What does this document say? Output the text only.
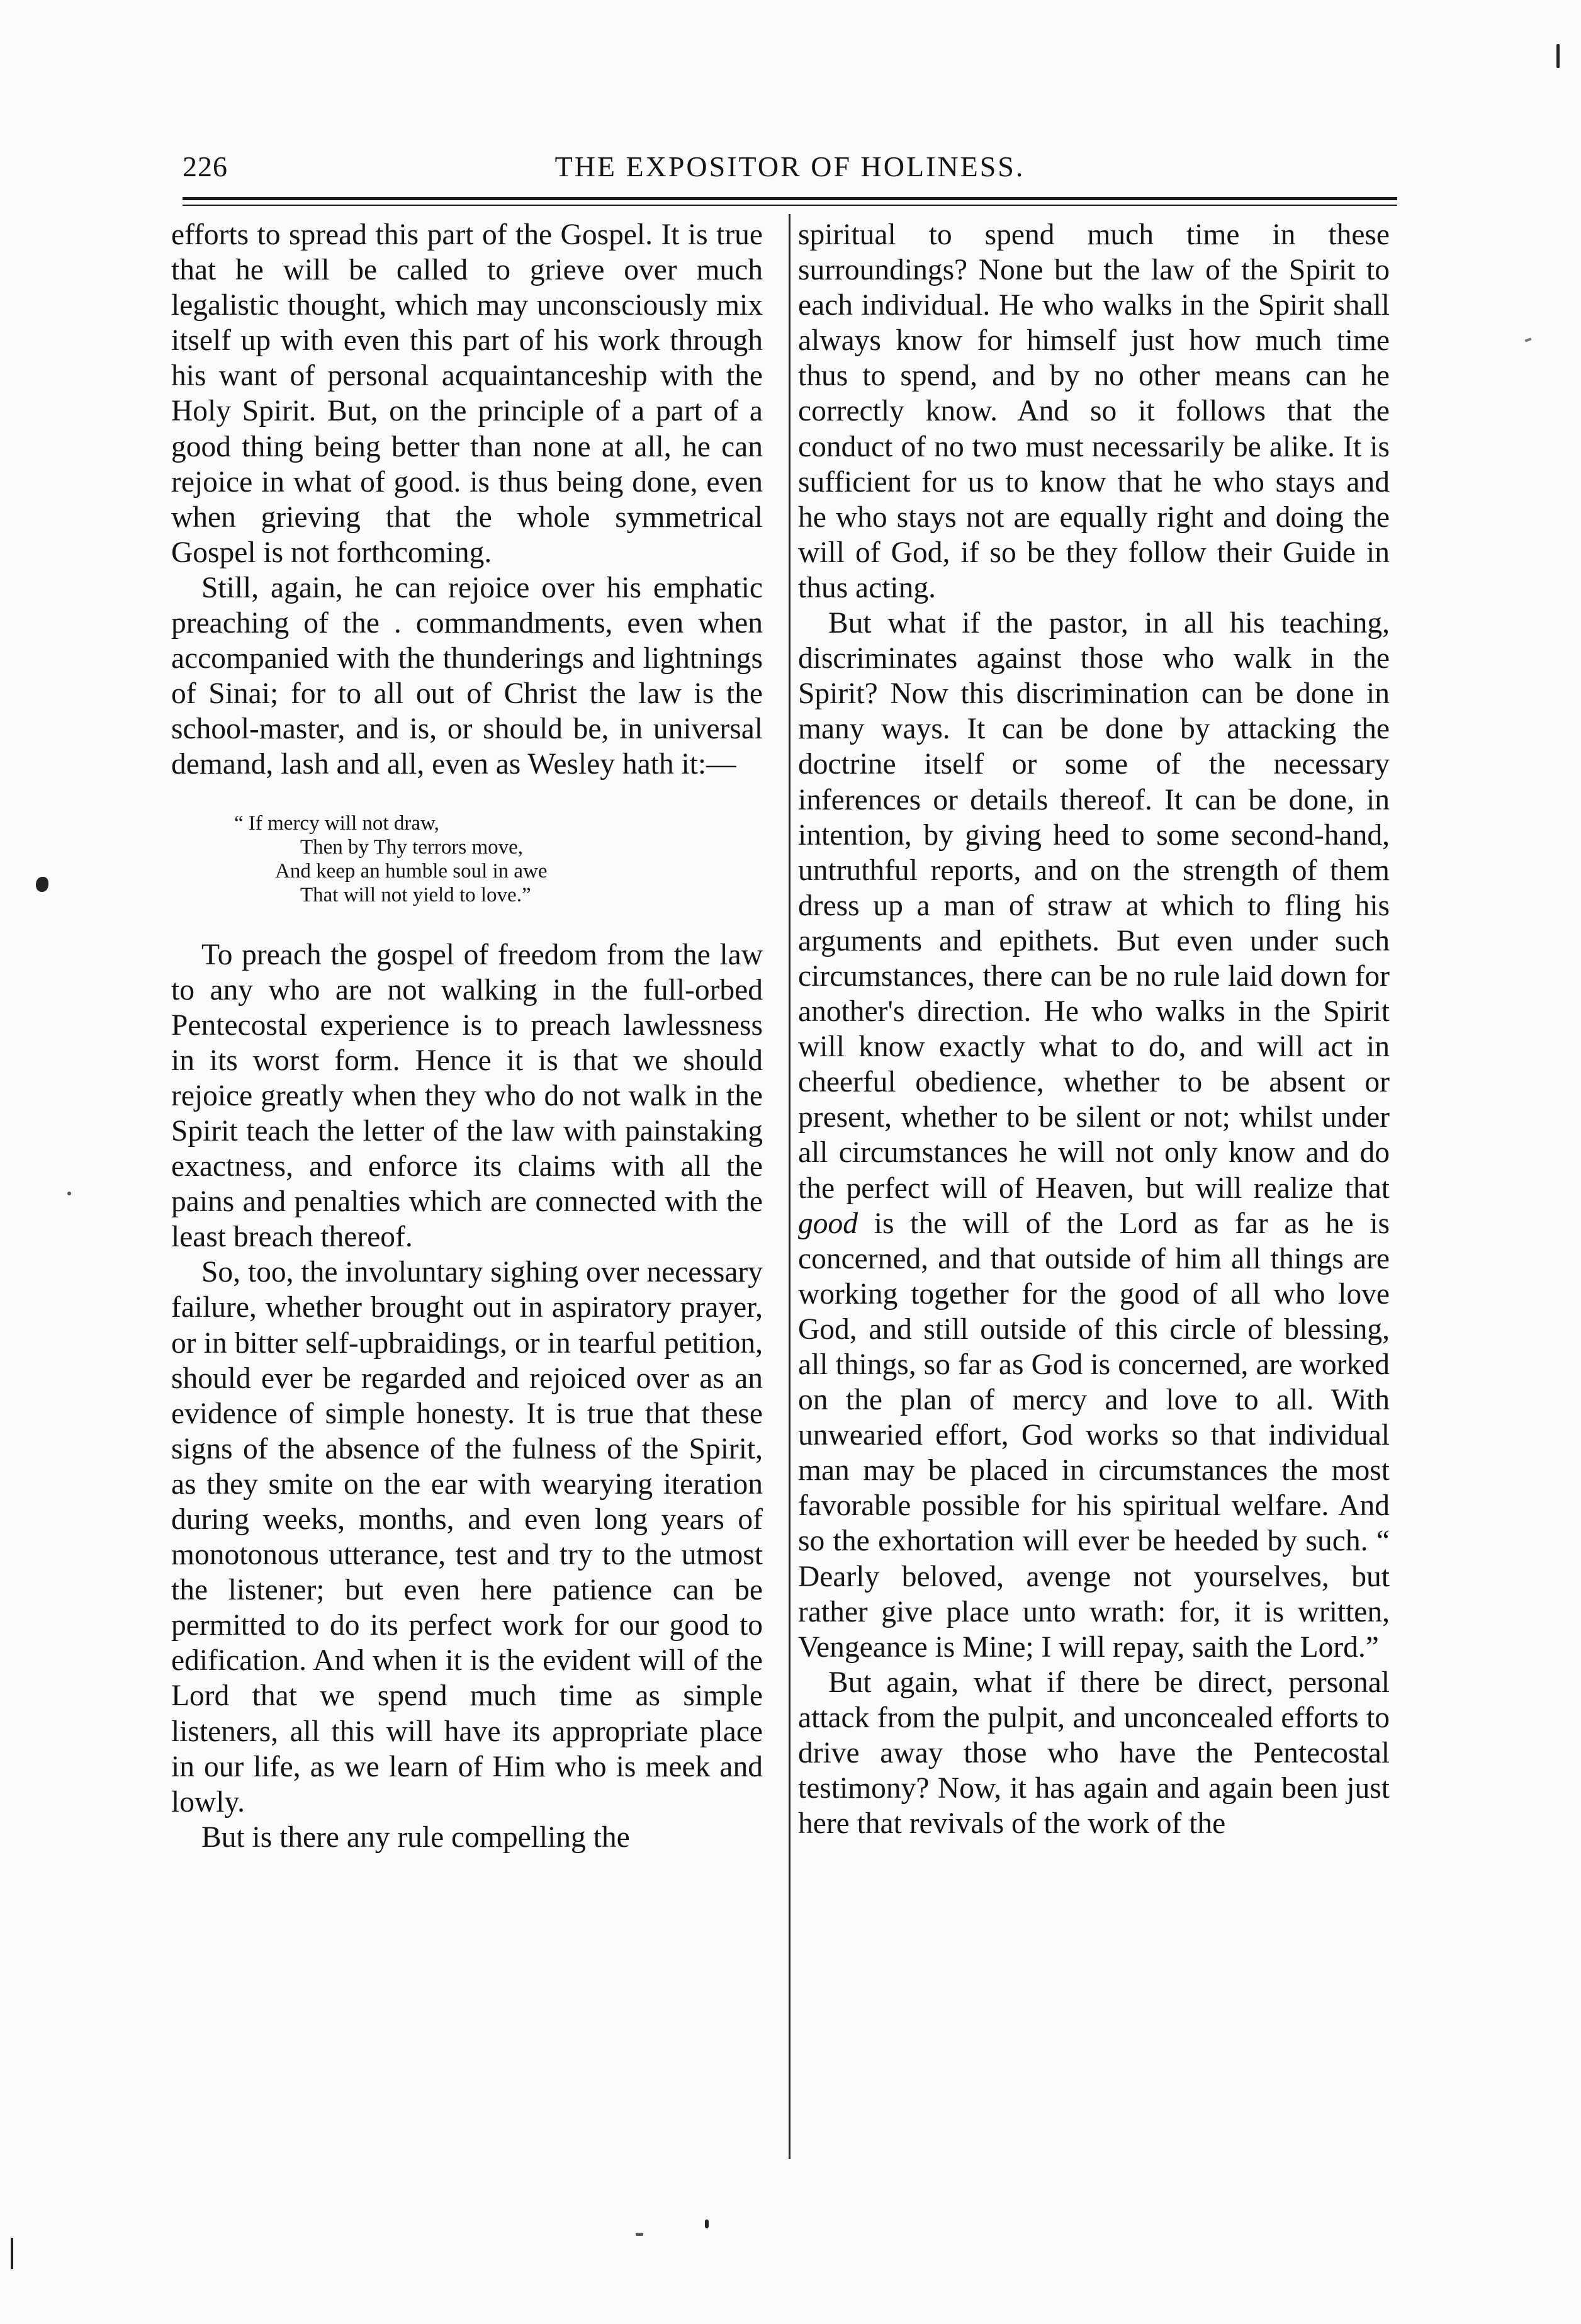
226	THE EXPOSITOR OF HOLINESS.

efforts to spread this part of the Gospel. It is true that he will be called to grieve over much legalistic thought, which may unconsciously mix itself up with even this part of his work through his want of personal acquaintanceship with the Holy Spirit. But, on the principle of a part of a good thing being better than none at all, he can rejoice in what of good. is thus being done, even when grieving that the whole symmetrical Gospel is not forthcoming.

Still, again, he can rejoice over his emphatic preaching of the . commandments, even when accompanied with the thunderings and lightnings of Sinai; for to all out of Christ the law is the school-master, and is, or should be, in universal demand, lash and all, even as Wesley hath it:—

“ If mercy will not draw,
Then by Thy terrors move,
And keep an humble soul in awe
That will not yield to love.”

To preach the gospel of freedom from the law to any who are not walking in the full-orbed Pentecostal experience is to preach lawlessness in its worst form. Hence it is that we should rejoice greatly when they who do not walk in the Spirit teach the letter of the law with painstaking exactness, and enforce its claims with all the pains and penalties which are connected with the least breach thereof.

So, too, the involuntary sighing over necessary failure, whether brought out in aspiratory prayer, or in bitter self-upbraidings, or in tearful petition, should ever be regarded and rejoiced over as an evidence of simple honesty. It is true that these signs of the absence of the fulness of the Spirit, as they smite on the ear with wearying iteration during weeks, months, and even long years of monotonous utterance, test and try to the utmost the listener; but even here patience can be permitted to do its perfect work for our good to edification. And when it is the evident will of the Lord that we spend much time as simple listeners, all this will have its appropriate place in our life, as we learn of Him who is meek and lowly.

But is there any rule compelling the

spiritual to spend much time in these surroundings? None but the law of the Spirit to each individual. He who walks in the Spirit shall always know for himself just how much time thus to spend, and by no other means can he correctly know. And so it follows that the conduct of no two must necessarily be alike. It is sufficient for us to know that he who stays and he who stays not are equally right and doing the will of God, if so be they follow their Guide in thus acting.

But what if the pastor, in all his teaching, discriminates against those who walk in the Spirit? Now this discrimination can be done in many ways. It can be done by attacking the doctrine itself or some of the necessary inferences or details thereof. It can be done, in intention, by giving heed to some second-hand, untruthful reports, and on the strength of them dress up a man of straw at which to fling his arguments and epithets. But even under such circumstances, there can be no rule laid down for another's direction. He who walks in the Spirit will know exactly what to do, and will act in cheerful obedience, whether to be absent or present, whether to be silent or not; whilst under all circumstances he will not only know and do the perfect will of Heaven, but will realize that good is the will of the Lord as far as he is concerned, and that outside of him all things are working together for the good of all who love God, and still outside of this circle of blessing, all things, so far as God is concerned, are worked on the plan of mercy and love to all. With unwearied effort, God works so that individual man may be placed in circumstances the most favorable possible for his spiritual welfare. And so the exhortation will ever be heeded by such. “ Dearly beloved, avenge not yourselves, but rather give place unto wrath: for, it is written, Vengeance is Mine; I will repay, saith the Lord.”

But again, what if there be direct, personal attack from the pulpit, and unconcealed efforts to drive away those who have the Pentecostal testimony? Now, it has again and again been just here that revivals of the work of the
